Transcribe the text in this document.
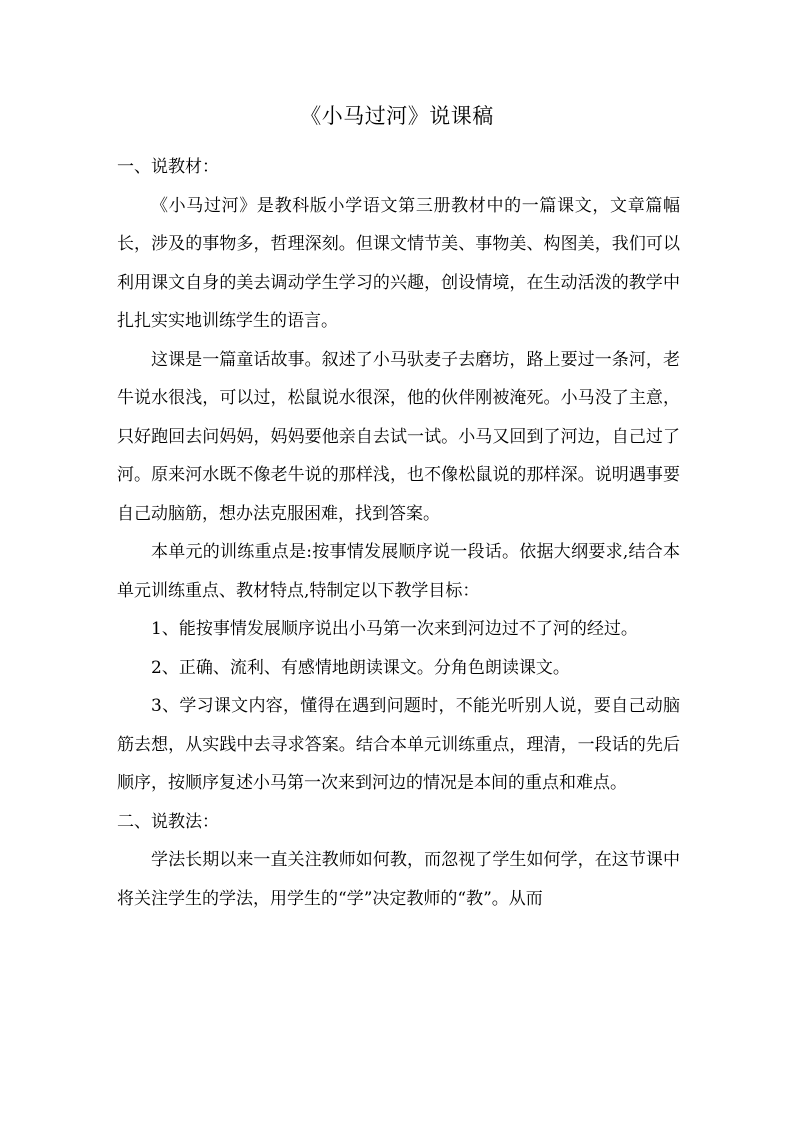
《小马过河》说课稿

一、说教材：

《小马过河》是教科版小学语文第三册教材中的一篇课文，文章篇幅长，涉及的事物多，哲理深刻。但课文情节美、事物美、构图美，我们可以利用课文自身的美去调动学生学习的兴趣，创设情境，在生动活泼的教学中扎扎实实地训练学生的语言。

这课是一篇童话故事。叙述了小马驮麦子去磨坊，路上要过一条河，老牛说水很浅，可以过，松鼠说水很深，他的伙伴刚被淹死。小马没了主意，只好跑回去问妈妈，妈妈要他亲自去试一试。小马又回到了河边，自己过了河。原来河水既不像老牛说的那样浅，也不像松鼠说的那样深。说明遇事要自己动脑筋，想办法克服困难，找到答案。

本单元的训练重点是:按事情发展顺序说一段话。依据大纲要求,结合本单元训练重点、教材特点,特制定以下教学目标：

1、能按事情发展顺序说出小马第一次来到河边过不了河的经过。

2、正确、流利、有感情地朗读课文。分角色朗读课文。

3、学习课文内容，懂得在遇到问题时，不能光听别人说，要自己动脑筋去想，从实践中去寻求答案。结合本单元训练重点，理清，一段话的先后顺序，按顺序复述小马第一次来到河边的情况是本间的重点和难点。

二、说教法：

学法长期以来一直关注教师如何教，而忽视了学生如何学，在这节课中将关注学生的学法，用学生的“学”决定教师的“教”。从而
